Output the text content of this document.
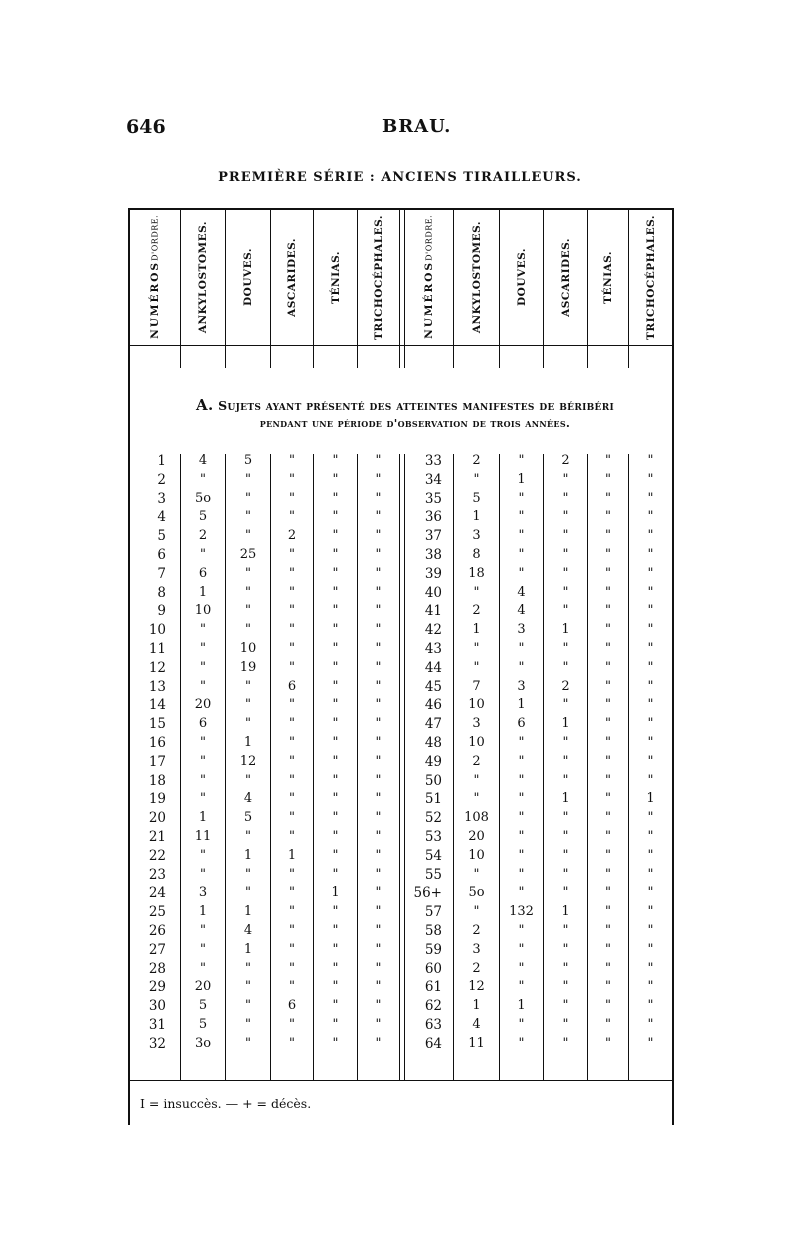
646	BRAU.
PREMIÈRE SÉRIE : ANCIENS TIRAILLEURS.
NUMÉROS
D'ORDRE.	ANKYLOSTOMES.	DOUVES.	ASCARIDES.	TÉNIAS.	TRICHOCÉPHALES.	NUMÉROS
D'ORDRE.	ANKYLOSTOMES.	DOUVES.	ASCARIDES.	TÉNIAS.	TRICHOCÉPHALES.
A. Sujets ayant présenté des atteintes manifestes de béribéri
pendant une période d'observation de trois années.
1	4	5	"	"	"	33	2	"	2	"	"
2	"	"	"	"	"	34	"	1	"	"	"
3	5o	"	"	"	"	35	5	"	"	"	"
4	5	"	"	"	"	36	1	"	"	"	"
5	2	"	2	"	"	37	3	"	"	"	"
6	"	25	"	"	"	38	8	"	"	"	"
7	6	"	"	"	"	39	18	"	"	"	"
8	1	"	"	"	"	40	"	4	"	"	"
9	10	"	"	"	"	41	2	4	"	"	"
10	"	"	"	"	"	42	1	3	1	"	"
11	"	10	"	"	"	43	"	"	"	"	"
12	"	19	"	"	"	44	"	"	"	"	"
13	"	"	6	"	"	45	7	3	2	"	"
14	20	"	"	"	"	46	10	1	"	"	"
15	6	"	"	"	"	47	3	6	1	"	"
16	"	1	"	"	"	48	10	"	"	"	"
17	"	12	"	"	"	49	2	"	"	"	"
18	"	"	"	"	"	50	"	"	"	"	"
19	"	4	"	"	"	51	"	"	1	"	1
20	1	5	"	"	"	52	108	"	"	"	"
21	11	"	"	"	"	53	20	"	"	"	"
22	"	1	1	"	"	54	10	"	"	"	"
23	"	"	"	"	"	55	"	"	"	"	"
24	3	"	"	1	"	56+	5o	"	"	"	"
25	1	1	"	"	"	57	"	132	1	"	"
26	"	4	"	"	"	58	2	"	"	"	"
27	"	1	"	"	"	59	3	"	"	"	"
28	"	"	"	"	"	60	2	"	"	"	"
29	20	"	"	"	"	61	12	"	"	"	"
30	5	"	6	"	"	62	1	1	"	"	"
31	5	"	"	"	"	63	4	"	"	"	"
32	3o	"	"	"	"	64	11	"	"	"	"
I = insuccès. — + = décès.
